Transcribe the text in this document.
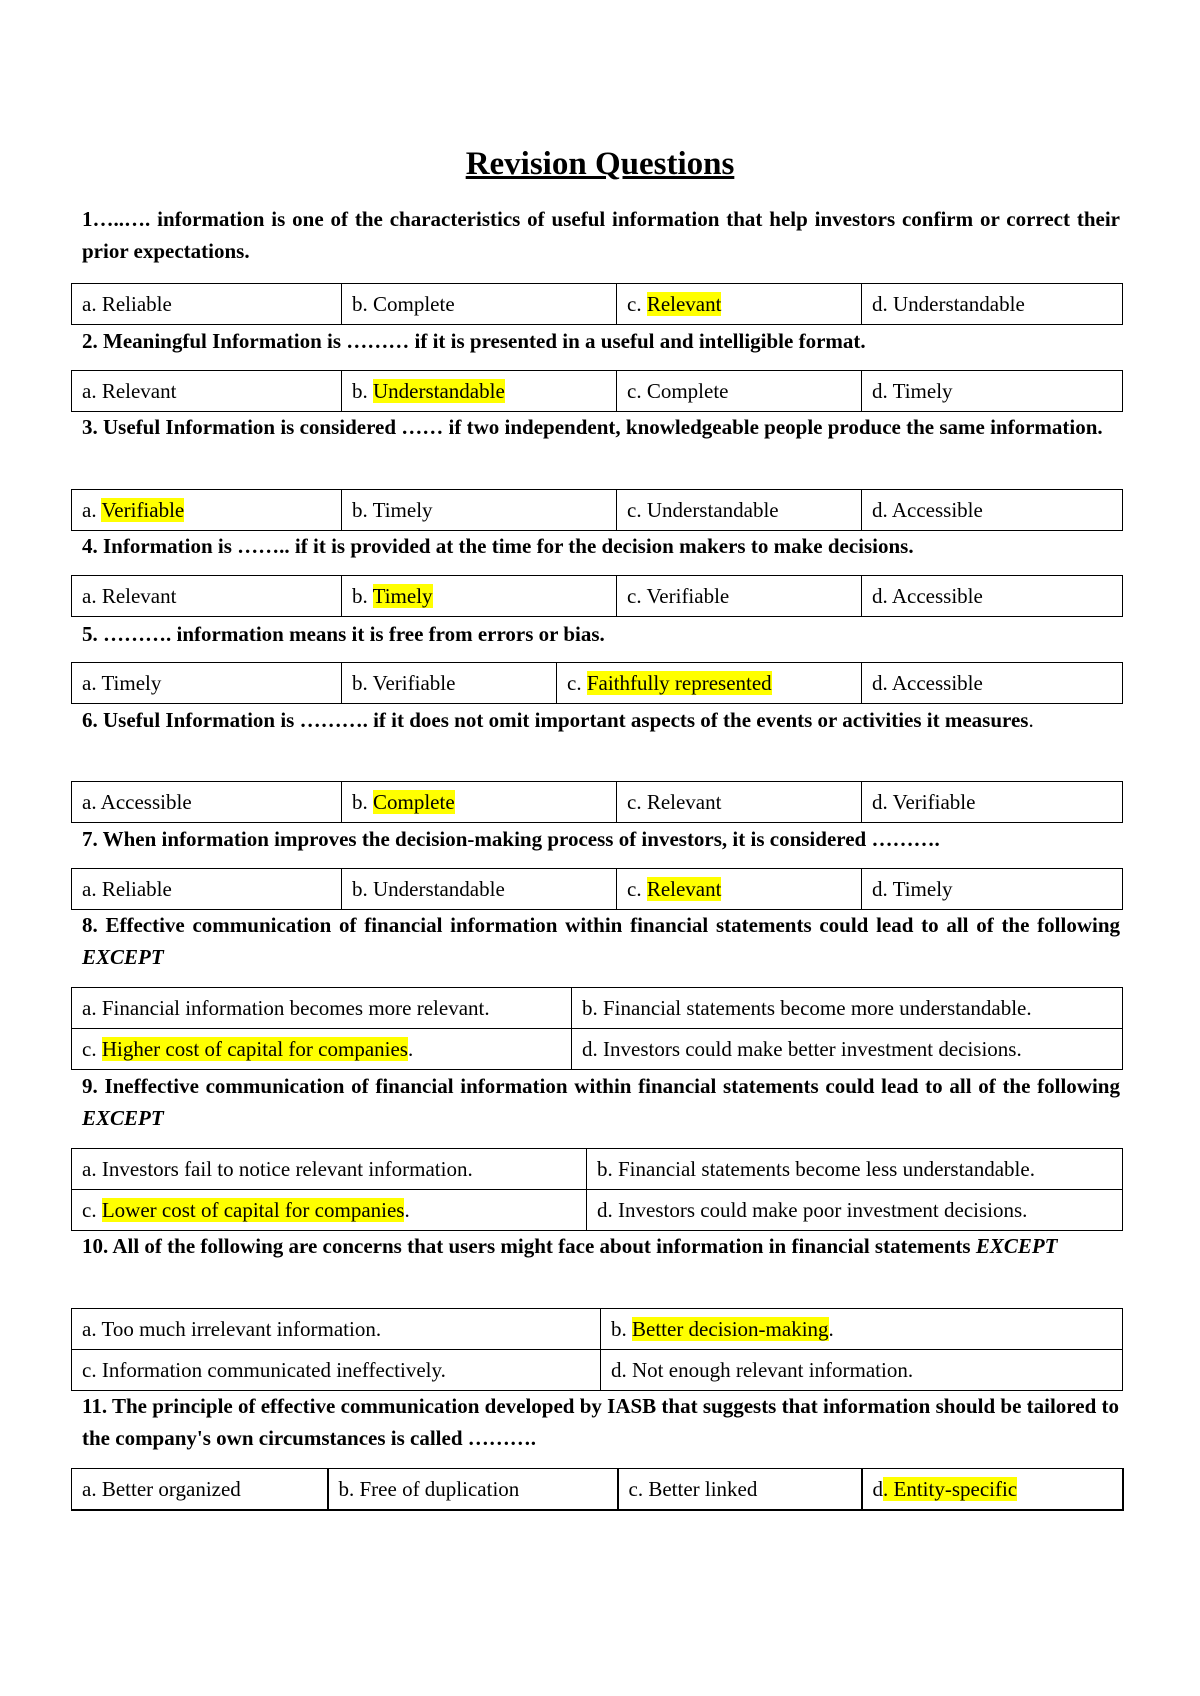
Revision Questions

1…..…. information is one of the characteristics of useful information that help investors confirm or correct their prior expectations.

a. Reliable	b. Complete	c. Relevant	d. Understandable

2. Meaningful Information is ……… if it is presented in a useful and intelligible format.

a. Relevant	b. Understandable	c. Complete	d. Timely

3. Useful Information is considered …… if two independent, knowledgeable people produce the same information.

a. Verifiable	b. Timely	c. Understandable	d. Accessible

4. Information is …….. if it is provided at the time for the decision makers to make decisions.

a. Relevant	b. Timely	c. Verifiable	d. Accessible

5. ………. information means it is free from errors or bias.

a. Timely	b. Verifiable	c. Faithfully represented	d. Accessible

6. Useful Information is ………. if it does not omit important aspects of the events or activities it measures.

a. Accessible	b. Complete	c. Relevant	d. Verifiable

7. When information improves the decision-making process of investors, it is considered ……….

a. Reliable	b. Understandable	c. Relevant	d. Timely

8. Effective communication of financial information within financial statements could lead to all of the following EXCEPT

a. Financial information becomes more relevant.	b. Financial statements become more understandable.
c. Higher cost of capital for companies.	d. Investors could make better investment decisions.

9. Ineffective communication of financial information within financial statements could lead to all of the following EXCEPT

a. Investors fail to notice relevant information.	b. Financial statements become less understandable.
c. Lower cost of capital for companies.	d. Investors could make poor investment decisions.

10. All of the following are concerns that users might face about information in financial statements EXCEPT

a. Too much irrelevant information.	b. Better decision-making.
c. Information communicated ineffectively.	d. Not enough relevant information.

11. The principle of effective communication developed by IASB that suggests that information should be tailored to the company's own circumstances is called ……….

a. Better organized	b. Free of duplication	c. Better linked	d. Entity-specific
